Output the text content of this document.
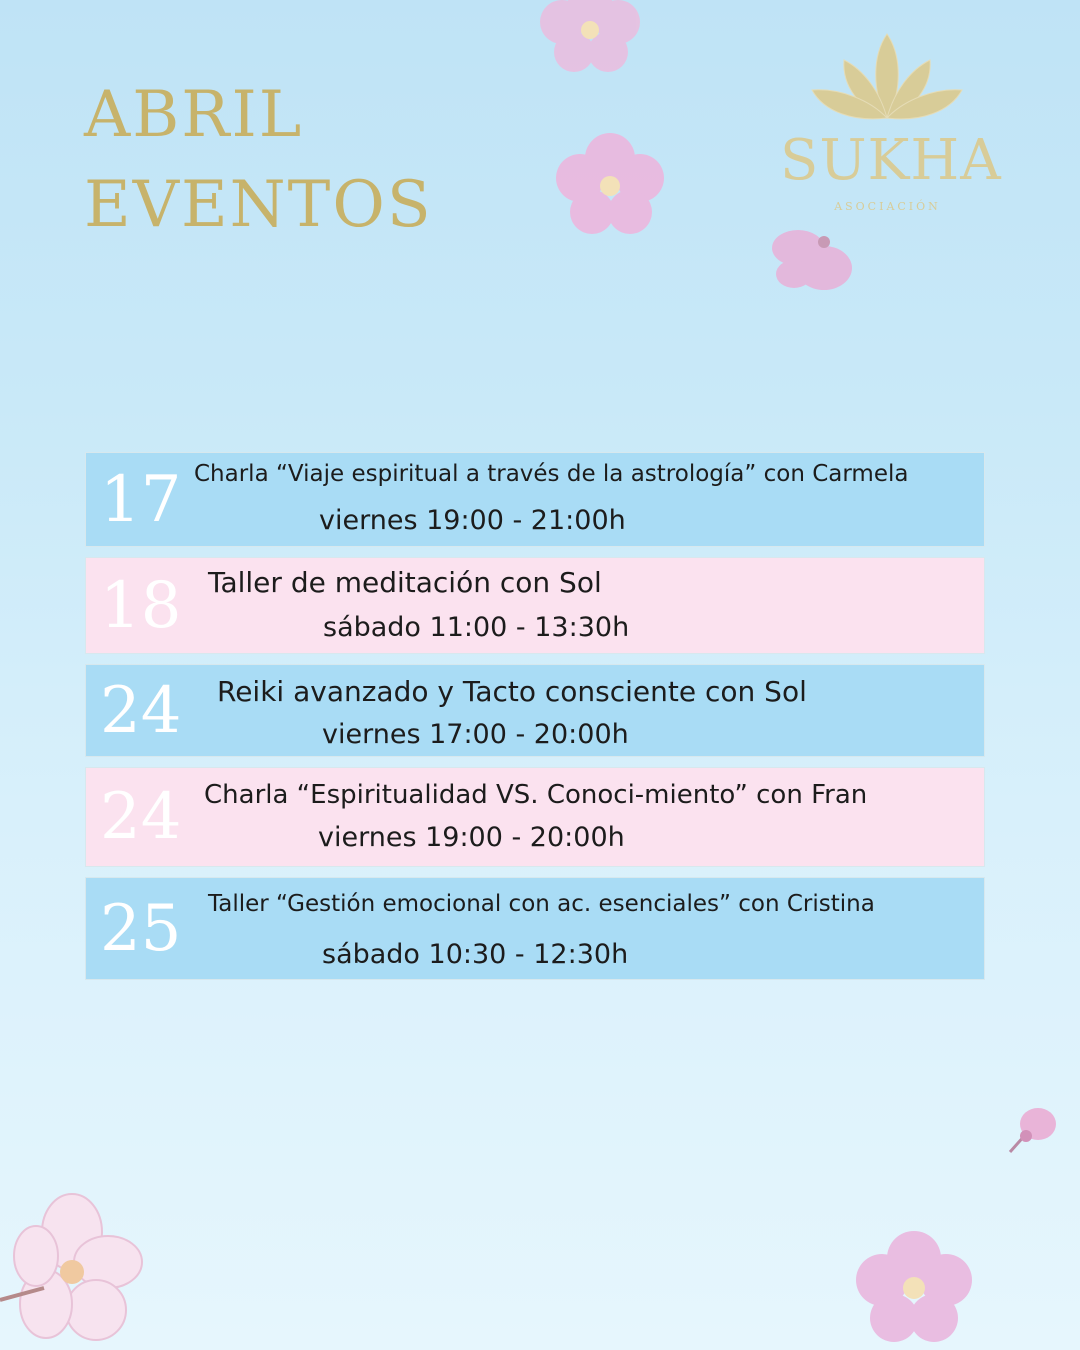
ABRIL
EVENTOS
SUKHA
ASOCIACIÓN
17 Charla “Viaje espiritual a través de la astrología” con Carmela
viernes 19:00 - 21:00h
18 Taller de meditación con Sol
sábado 11:00 - 13:30h
24 Reiki avanzado y Tacto consciente con Sol
viernes 17:00 - 20:00h
24 Charla “Espiritualidad VS. Conoci-miento” con Fran
viernes 19:00 - 20:00h
25 Taller “Gestión emocional con ac. esenciales” con Cristina
sábado 10:30 - 12:30h
